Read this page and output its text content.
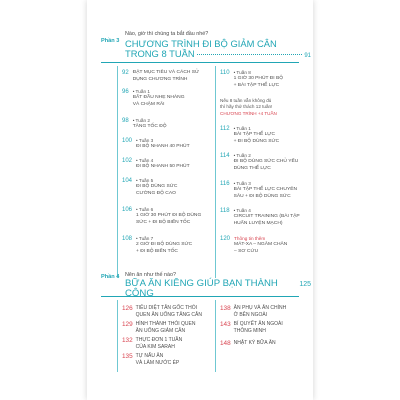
Phần 3
Nào, giờ thì chúng ta bắt đầu nhé?
CHƯƠNG TRÌNH ĐI BỘ GIẢM CÂN
TRONG 8 TUẦN	91
92 ĐẶT MỤC TIÊU VÀ CÁCH SỬ
DỤNG CHƯƠNG TRÌNH
96 • Tuần 1
BẮT ĐẦU NHẸ NHÀNG
VÀ CHẬM RÃI
98 • Tuần 2
TĂNG TỐC ĐỘ
100 • Tuần 3
ĐI BỘ NHANH 40 PHÚT
102 • Tuần 4
ĐI BỘ NHANH 50 PHÚT
104 • Tuần 5
ĐI BỘ DÙNG SỨC
CƯỜNG ĐỘ CAO
106 • Tuần 6
1 GIỜ 30 PHÚT ĐI BỘ DÙNG
SỨC + ĐI BỘ BIẾN TỐC
108 • Tuần 7
2 GIỜ ĐI BỘ DÙNG SỨC
+ ĐI BỘ BIẾN TỐC
110 • Tuần 8
1 GIỜ 30 PHÚT ĐI BỘ
+ BÀI TẬP THỂ LỰC
Nếu 8 tuần vẫn không đủ
thì hãy thử thách 12 tuần!
CHƯƠNG TRÌNH +4 TUẦN
112 • Tuần 1
BÀI TẬP THỂ LỰC
+ ĐI BỘ DÙNG SỨC
114 • Tuần 2
ĐI BỘ DÙNG SỨC CHỦ YẾU
DÙNG THỂ LỰC
116 • Tuần 3
BÀI TẬP THỂ LỰC CHUYÊN
SÂU + ĐI BỘ DÙNG SỨC
118 • Tuần 4
CIRCUIT TRAINING (BÀI TẬP
HUẤN LUYỆN MẠCH)
120 Thông tin thêm
MÁT-XA – NGÂM CHÂN
– SƠ CỨU
Phần 4 Nên ăn như thế nào?
BỮA ĂN KIÊNG GIÚP BẠN THÀNH CÔNG
125
126 TIÊU DIỆT TÂN GỐC THÓI
QUEN ĂN UỐNG TĂNG CÂN
129 HÌNH THÀNH THÓI QUEN
ĂN UỐNG GIẢM CÂN
132 THỰC ĐƠN 1 TUẦN
CỦA KIM SARAH
135 TỰ NẤU ĂN
VÀ LÀM NƯỚC ÉP
138 ĂN PHỤ VÀ ĂN CHÍNH
Ở BÊN NGOÀI
143 BÍ QUYẾT ĂN NGOÀI
THÔNG MINH
148 NHẬT KÝ BỮA ĂN
